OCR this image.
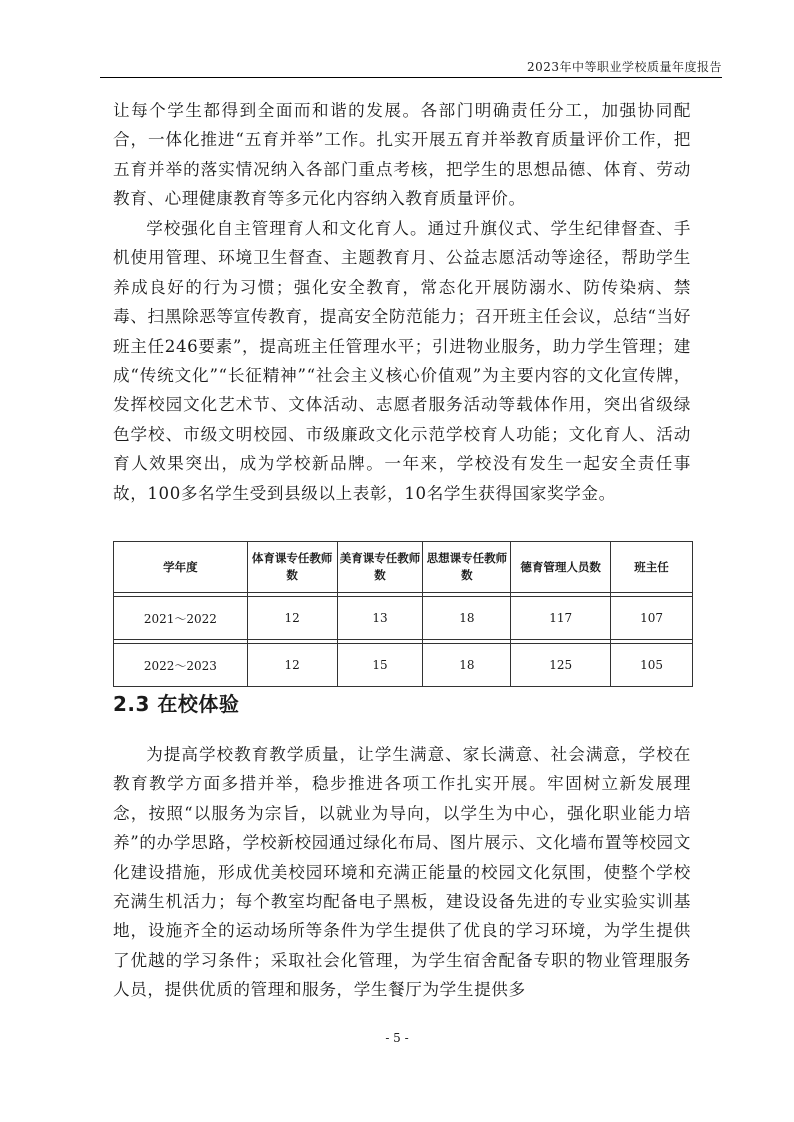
2023年中等职业学校质量年度报告

让每个学生都得到全面而和谐的发展。各部门明确责任分工，加强协同配合，一体化推进“五育并举”工作。扎实开展五育并举教育质量评价工作，把五育并举的落实情况纳入各部门重点考核，把学生的思想品德、体育、劳动教育、心理健康教育等多元化内容纳入教育质量评价。

学校强化自主管理育人和文化育人。通过升旗仪式、学生纪律督查、手机使用管理、环境卫生督查、主题教育月、公益志愿活动等途径，帮助学生养成良好的行为习惯；强化安全教育，常态化开展防溺水、防传染病、禁毒、扫黑除恶等宣传教育，提高安全防范能力；召开班主任会议，总结“当好班主任246要素”，提高班主任管理水平；引进物业服务，助力学生管理；建成“传统文化”“长征精神”“社会主义核心价值观”为主要内容的文化宣传牌，发挥校园文化艺术节、文体活动、志愿者服务活动等载体作用，突出省级绿色学校、市级文明校园、市级廉政文化示范学校育人功能；文化育人、活动育人效果突出，成为学校新品牌。一年来，学校没有发生一起安全责任事故，100多名学生受到县级以上表彰，10名学生获得国家奖学金。

学年度	体育课专任教师数	美育课专任教师数	思想课专任教师数	德育管理人员数	班主任

2021～2022	12	13	18	117	107

2022～2023	12	15	18	125	105
2.3 在校体验

为提高学校教育教学质量，让学生满意、家长满意、社会满意，学校在教育教学方面多措并举，稳步推进各项工作扎实开展。牢固树立新发展理念，按照“以服务为宗旨，以就业为导向，以学生为中心，强化职业能力培养”的办学思路，学校新校园通过绿化布局、图片展示、文化墙布置等校园文化建设措施，形成优美校园环境和充满正能量的校园文化氛围，使整个学校充满生机活力；每个教室均配备电子黑板，建设设备先进的专业实验实训基地，设施齐全的运动场所等条件为学生提供了优良的学习环境，为学生提供了优越的学习条件；采取社会化管理，为学生宿舍配备专职的物业管理服务人员，提供优质的管理和服务，学生餐厅为学生提供多

- 5 -
